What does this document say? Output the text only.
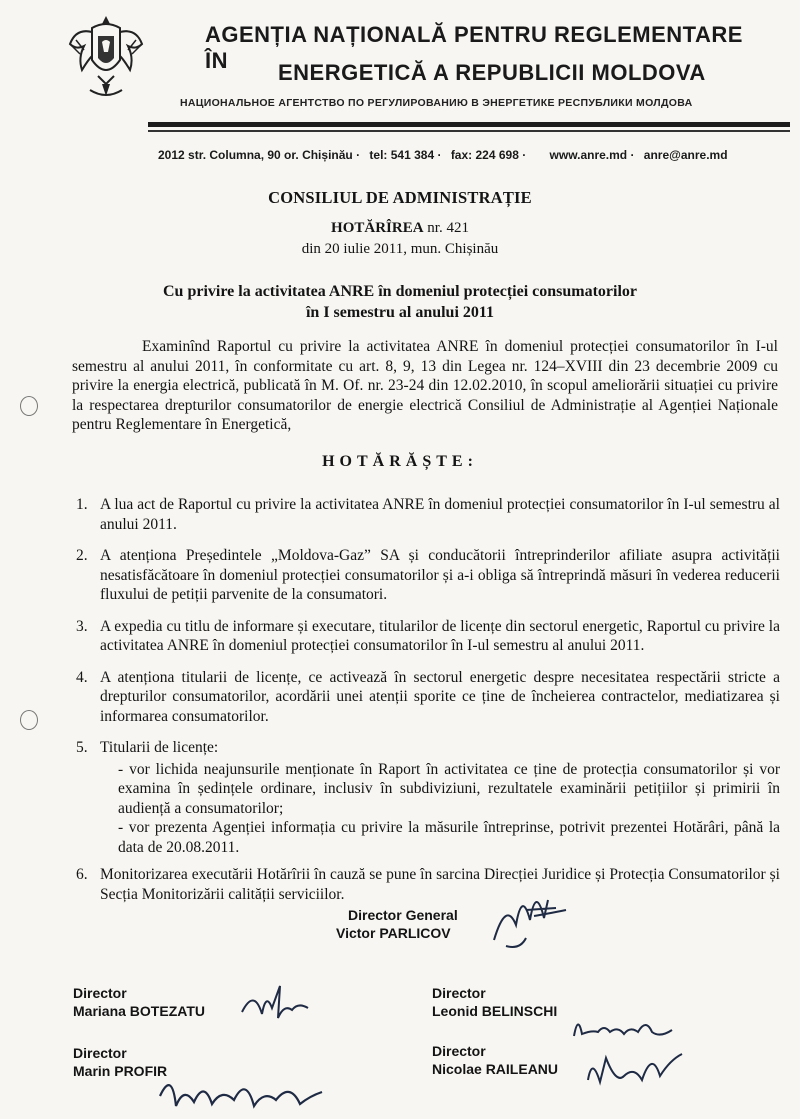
AGENȚIA NAȚIONALĂ PENTRU REGLEMENTARE ÎN	ENERGETICĂ A REPUBLICII MOLDOVA
НАЦИОНАЛЬНОЕ АГЕНТСТВО ПО РЕГУЛИРОВАНИЮ В ЭНЕРГЕТИКЕ РЕСПУБЛИКИ МОЛДОВА
2012 str. Columna, 90 or. Chișinău · tel: 541 384 · fax: 224 698 · www.anre.md · anre@anre.md
CONSILIUL DE ADMINISTRAȚIE
HOTĂRÎREA nr. 421
din 20 iulie 2011, mun. Chișinău
Cu privire la activitatea ANRE în domeniul protecției consumatorilor
în I semestru al anului 2011
Examinînd Raportul cu privire la activitatea ANRE în domeniul protecției consumatorilor în I-ul semestru al anului 2011, în conformitate cu art. 8, 9, 13 din Legea nr. 124–XVIII din 23 decembrie 2009 cu privire la energia electrică, publicată în M. Of. nr. 23-24 din 12.02.2010, în scopul ameliorării situației cu privire la respectarea drepturilor consumatorilor de energie electrică Consiliul de Administrație al Agenției Naționale pentru Reglementare în Energetică,
HOTĂRĂȘTE:
1. A lua act de Raportul cu privire la activitatea ANRE în domeniul protecției consumatorilor în I-ul semestru al anului 2011.
2. A atenționa Președintele „Moldova-Gaz” SA și conducătorii întreprinderilor afiliate asupra activității nesatisfăcătoare în domeniul protecției consumatorilor și a-i obliga să întreprindă măsuri în vederea reducerii fluxului de petiții parvenite de la consumatori.
3. A expedia cu titlu de informare și executare, titularilor de licențe din sectorul energetic, Raportul cu privire la activitatea ANRE în domeniul protecției consumatorilor în I-ul semestru al anului 2011.
4. A atenționa titularii de licențe, ce activează în sectorul energetic despre necesitatea respectării stricte a drepturilor consumatorilor, acordării unei atenții sporite ce ține de încheierea contractelor, mediatizarea și informarea consumatorilor.
5. Titularii de licențe:
- vor lichida neajunsurile menționate în Raport în activitatea ce ține de protecția consumatorilor și vor examina în ședințele ordinare, inclusiv în subdiviziuni, rezultatele examinării petițiilor și primirii în audiență a consumatorilor;
- vor prezenta Agenției informația cu privire la măsurile întreprinse, potrivit prezentei Hotărâri, până la data de 20.08.2011.
6. Monitorizarea executării Hotărîrii în cauză se pune în sarcina Direcției Juridice și Protecția Consumatorilor și Secția Monitorizării calității serviciilor.
Director General
Victor PARLICOV
Director
Mariana BOTEZATU
Director
Leonid BELINSCHI
Director
Marin PROFIR
Director
Nicolae RAILEANU
